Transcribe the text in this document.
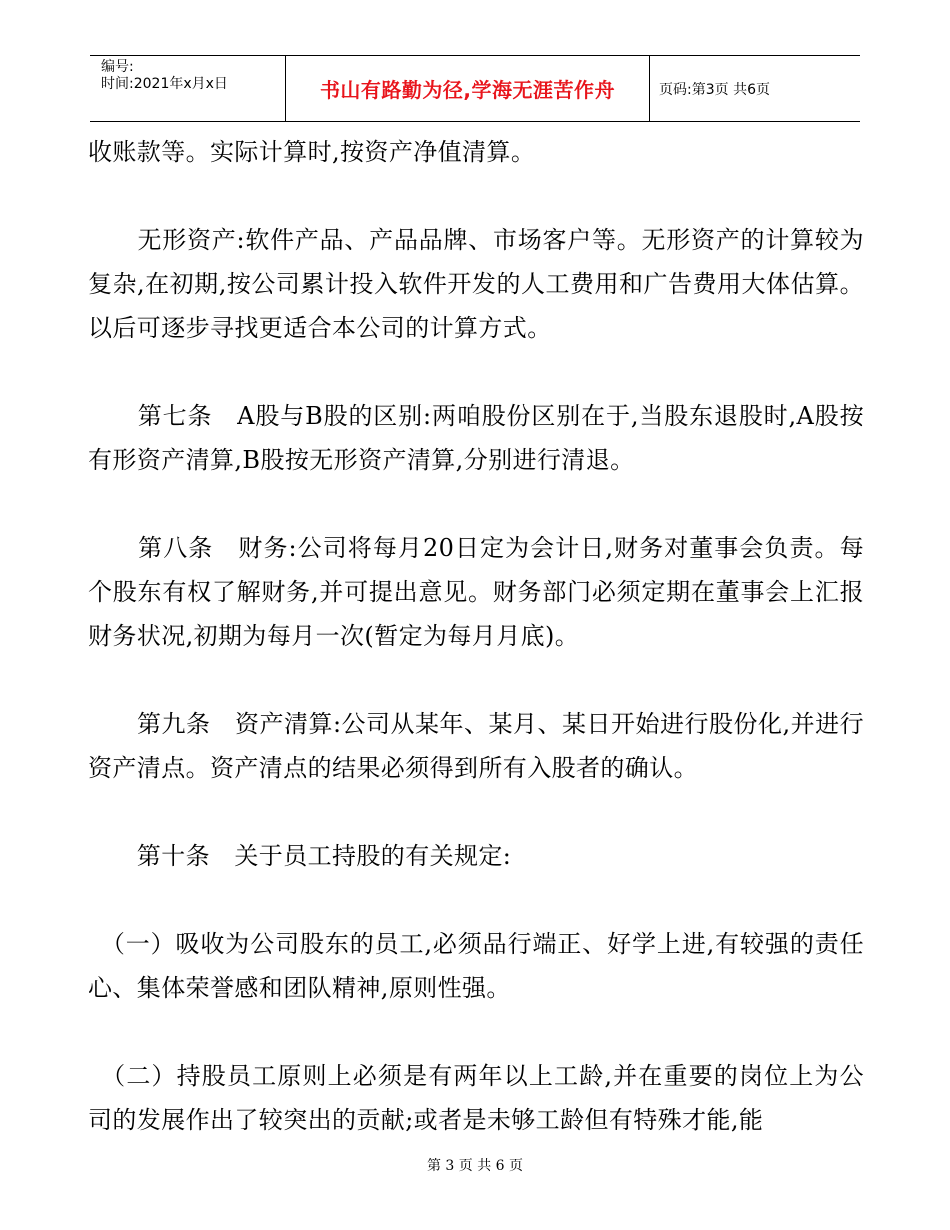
编号:
时间:2021年x月x日	书山有路勤为径,学海无涯苦作舟	页码:第3页 共6页

收账款等。实际计算时,按资产净值清算。

　　无形资产:软件产品、产品品牌、市场客户等。无形资产的计算较为复杂,在初期,按公司累计投入软件开发的人工费用和广告费用大体估算。以后可逐步寻找更适合本公司的计算方式。

　　第七条　A股与B股的区别:两咱股份区别在于,当股东退股时,A股按有形资产清算,B股按无形资产清算,分别进行清退。

　　第八条　财务:公司将每月20日定为会计日,财务对董事会负责。每个股东有权了解财务,并可提出意见。财务部门必须定期在董事会上汇报财务状况,初期为每月一次(暂定为每月月底)。

　　第九条　资产清算:公司从某年、某月、某日开始进行股份化,并进行资产清点。资产清点的结果必须得到所有入股者的确认。

　　第十条　关于员工持股的有关规定:

　（一）吸收为公司股东的员工,必须品行端正、好学上进,有较强的责任心、集体荣誉感和团队精神,原则性强。

　（二）持股员工原则上必须是有两年以上工龄,并在重要的岗位上为公司的发展作出了较突出的贡献;或者是未够工龄但有特殊才能,能

第 3 页 共 6 页
